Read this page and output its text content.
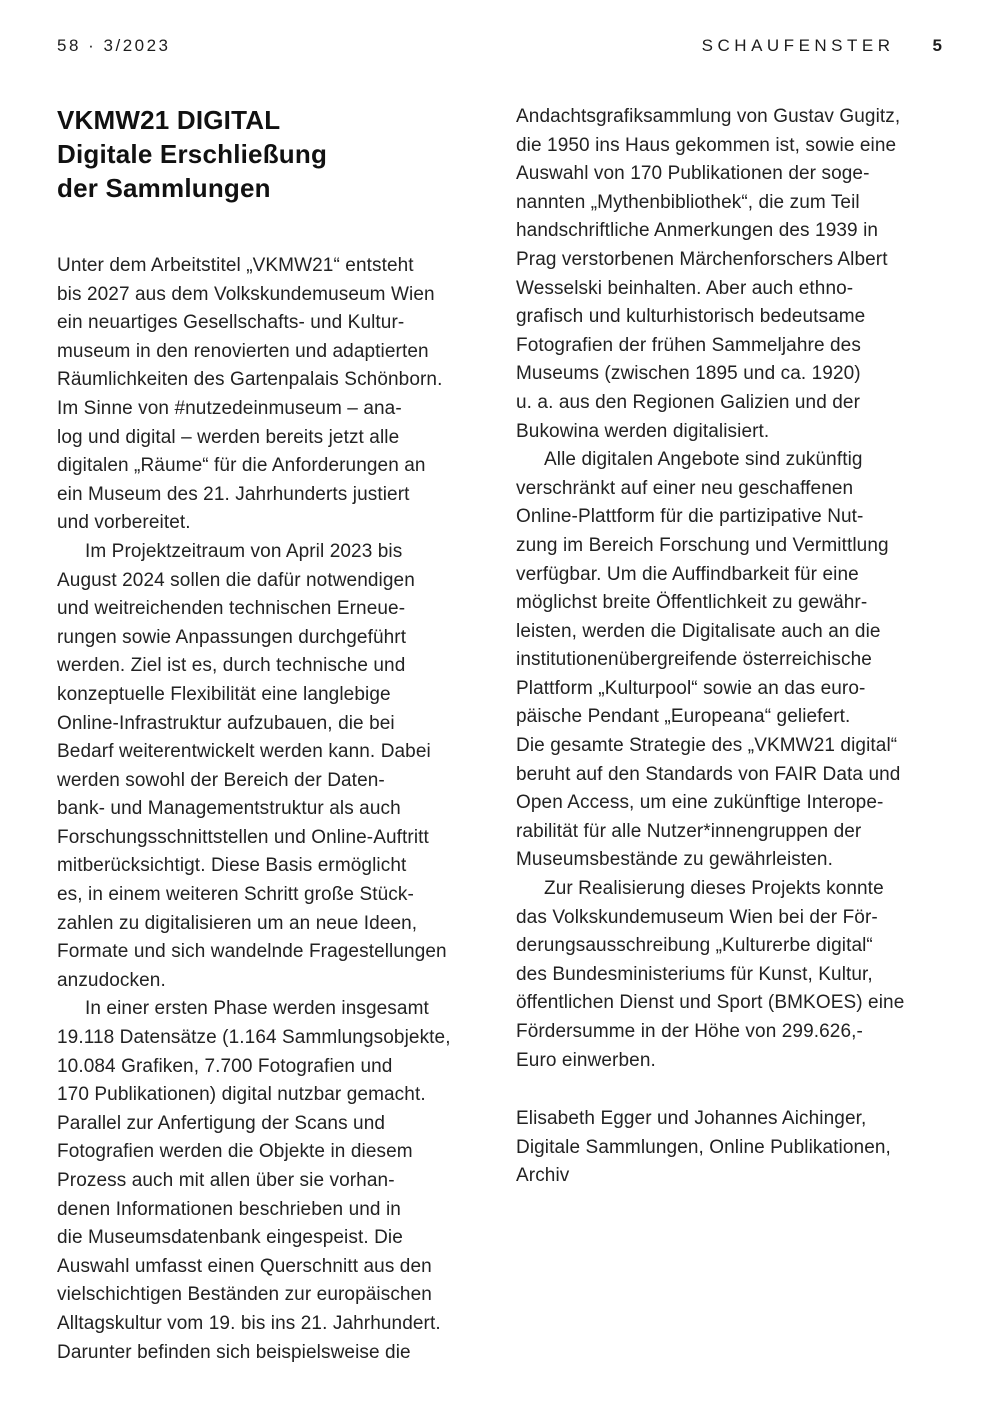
58 · 3/2023	SCHAUFENSTER 5
VKMW21 DIGITAL
Digitale Erschließung
der Sammlungen
Unter dem Arbeitstitel „VKMW21“ entsteht
bis 2027 aus dem Volkskundemuseum Wien
ein neuartiges Gesellschafts- und Kultur-
museum in den renovierten und adaptierten
Räumlichkeiten des Gartenpalais Schönborn.
Im Sinne von #nutzedeinmuseum – ana-
log und digital – werden bereits jetzt alle
digitalen „Räume“ für die Anforderungen an
ein Museum des 21. Jahrhunderts justiert
und vorbereitet.
Im Projektzeitraum von April 2023 bis
August 2024 sollen die dafür notwendigen
und weitreichenden technischen Erneue-
rungen sowie Anpassungen durchgeführt
werden. Ziel ist es, durch technische und
konzeptuelle Flexibilität eine langlebige
Online-Infrastruktur aufzubauen, die bei
Bedarf weiterentwickelt werden kann. Dabei
werden sowohl der Bereich der Daten-
bank- und Managementstruktur als auch
Forschungsschnittstellen und Online-Auftritt
mitberücksichtigt. Diese Basis ermöglicht
es, in einem weiteren Schritt große Stück-
zahlen zu digitalisieren um an neue Ideen,
Formate und sich wandelnde Fragestellungen
anzudocken.
In einer ersten Phase werden insgesamt
19.118 Datensätze (1.164 Sammlungsobjekte,
10.084 Grafiken, 7.700 Fotografien und
170 Publikationen) digital nutzbar gemacht.
Parallel zur Anfertigung der Scans und
Fotografien werden die Objekte in diesem
Prozess auch mit allen über sie vorhan-
denen Informationen beschrieben und in
die Museumsdatenbank eingespeist. Die
Auswahl umfasst einen Querschnitt aus den
vielschichtigen Beständen zur europäischen
Alltagskultur vom 19. bis ins 21. Jahrhundert.
Darunter befinden sich beispielsweise die
Andachtsgrafiksammlung von Gustav Gugitz,
die 1950 ins Haus gekommen ist, sowie eine
Auswahl von 170 Publikationen der soge-
nannten „Mythenbibliothek“, die zum Teil
handschriftliche Anmerkungen des 1939 in
Prag verstorbenen Märchenforschers Albert
Wesselski beinhalten. Aber auch ethno-
grafisch und kulturhistorisch bedeutsame
Fotografien der frühen Sammeljahre des
Museums (zwischen 1895 und ca. 1920)
u. a. aus den Regionen Galizien und der
Bukowina werden digitalisiert.
Alle digitalen Angebote sind zukünftig
verschränkt auf einer neu geschaffenen
Online-Plattform für die partizipative Nut-
zung im Bereich Forschung und Vermittlung
verfügbar. Um die Auffindbarkeit für eine
möglichst breite Öffentlichkeit zu gewähr-
leisten, werden die Digitalisate auch an die
institutionenübergreifende österreichische
Plattform „Kulturpool“ sowie an das euro-
päische Pendant „Europeana“ geliefert.
Die gesamte Strategie des „VKMW21 digital“
beruht auf den Standards von FAIR Data und
Open Access, um eine zukünftige Interope-
rabilität für alle Nutzer*innengruppen der
Museumsbestände zu gewährleisten.
Zur Realisierung dieses Projekts konnte
das Volkskundemuseum Wien bei der För-
derungsausschreibung „Kulturerbe digital“
des Bundesministeriums für Kunst, Kultur,
öffentlichen Dienst und Sport (BMKOES) eine
Fördersumme in der Höhe von 299.626,-
Euro einwerben.
Elisabeth Egger und Johannes Aichinger,
Digitale Sammlungen, Online Publikationen,
Archiv
